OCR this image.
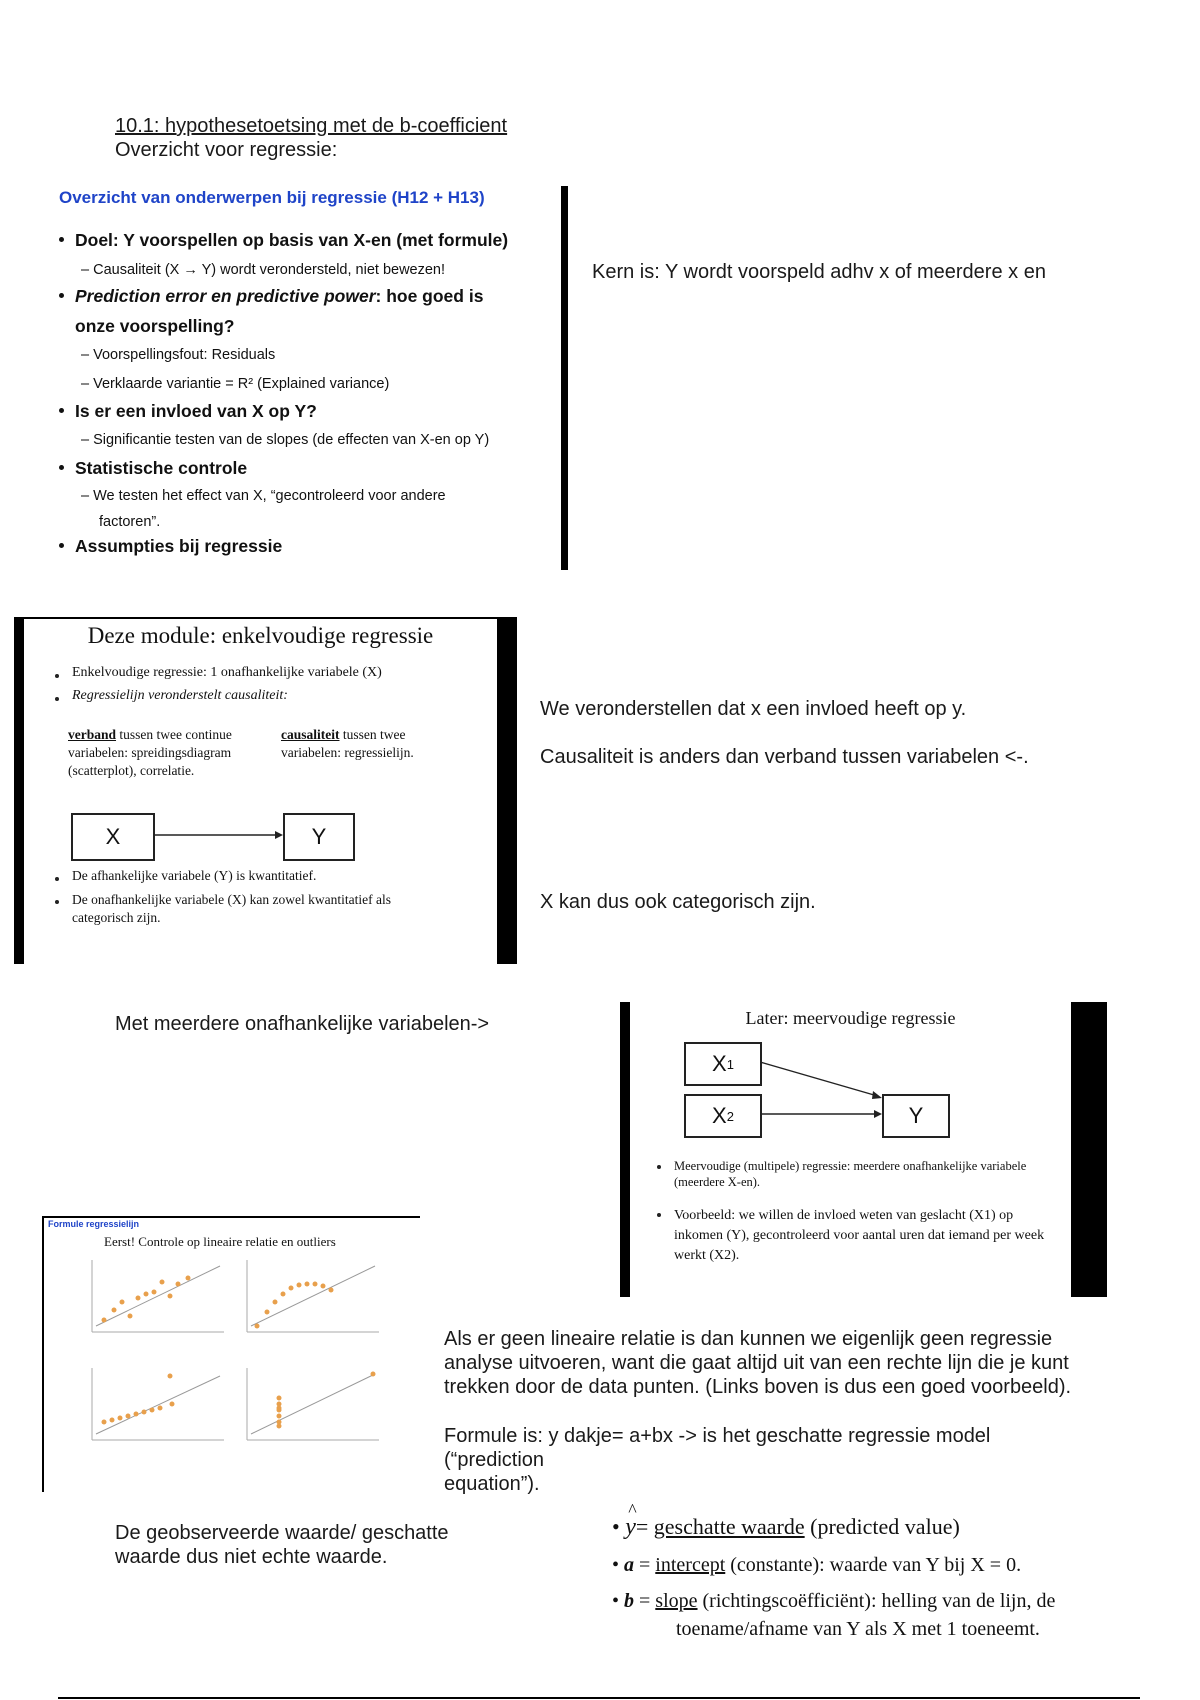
10.1: hypothesetoetsing met de b-coefficient
Overzicht voor regressie:
Overzicht van onderwerpen bij regressie (H12 + H13)
Doel: Y voorspellen op basis van X-en (met formule)
– Causaliteit (X → Y) wordt verondersteld, niet bewezen!
Prediction error en predictive power: hoe goed is
onze voorspelling?
– Voorspellingsfout: Residuals
– Verklaarde variantie = R² (Explained variance)
Is er een invloed van X op Y?
– Significantie testen van de slopes (de effecten van X-en op Y)
Statistische controle
– We testen het effect van X, “gecontroleerd voor andere
factoren”.
Assumpties bij regressie
Kern is: Y wordt voorspeld adhv x of meerdere x en
Deze module: enkelvoudige regressie
Enkelvoudige regressie: 1 onafhankelijke variabele (X)
Regressielijn veronderstelt causaliteit:
verband tussen twee continue variabelen: spreidingsdiagram (scatterplot), correlatie.
causaliteit tussen twee variabelen: regressielijn.
X	Y
De afhankelijke variabele (Y) is kwantitatief.
De onafhankelijke variabele (X) kan zowel kwantitatief als categorisch zijn.
We veronderstellen dat x een invloed heeft op y.
Causaliteit is anders dan verband tussen variabelen <-.
X kan dus ook categorisch zijn.
Met meerdere onafhankelijke variabelen->	Later: meervoudige regressie
X 1
X 2	Y
Meervoudige (multipele) regressie: meerdere onafhankelijke variabele (meerdere X-en).
Voorbeeld: we willen de invloed weten van geslacht (X1) op inkomen (Y), gecontroleerd voor aantal uren dat iemand per week werkt (X2).
Formule regressielijn
Eerst! Controle op lineaire relatie en outliers
Als er geen lineaire relatie is dan kunnen we eigenlijk geen regressie analyse uitvoeren, want die gaat altijd uit van een rechte lijn die je kunt trekken door de data punten. (Links boven is dus een goed voorbeeld).
Formule is: y dakje= a+bx -> is het geschatte regressie model (“prediction
equation”).
De geobserveerde waarde/ geschatte waarde dus niet echte waarde.
• y
^
= geschatte waarde (predicted value)
• a = intercept (constante): waarde van Y bij X = 0.
• b = slope (richtingscoëfficiënt): helling van de lijn, de
toename/afname van Y als X met 1 toeneemt.
